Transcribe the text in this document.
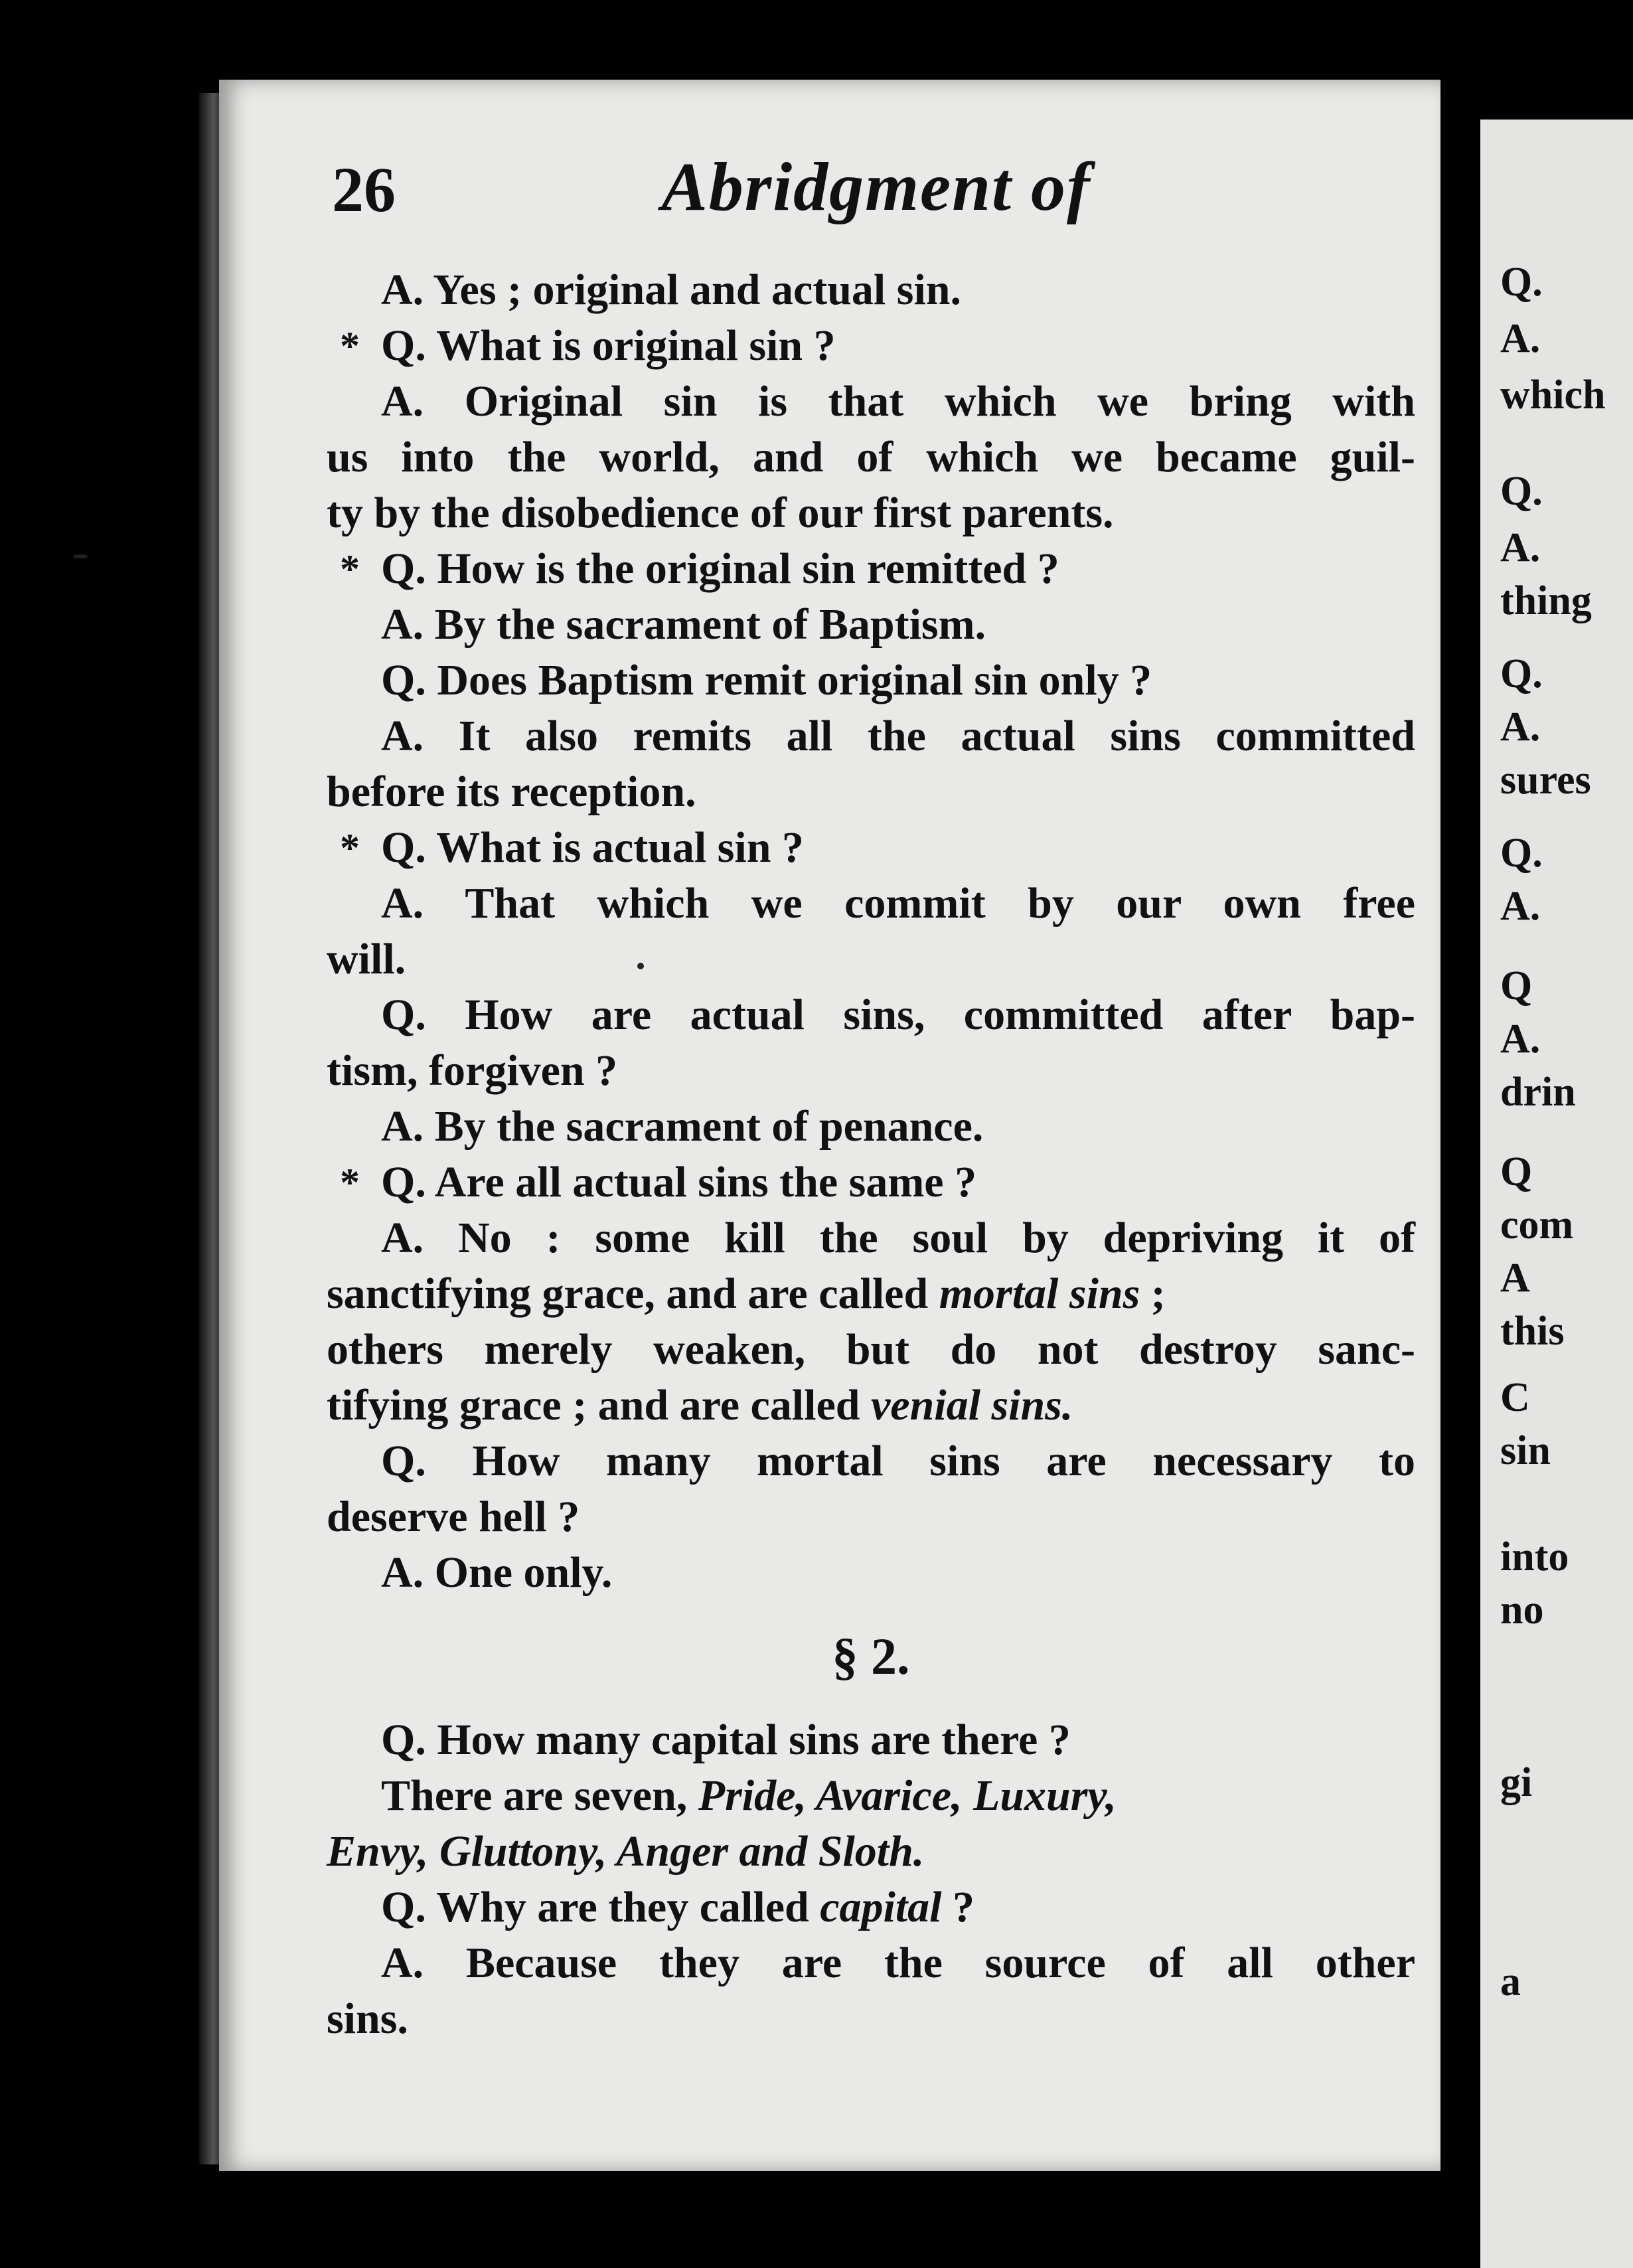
26	Abridgment of
A. Yes ; original and actual sin.
* Q. What is original sin ?
A. Original sin is that which we bring with
us into the world, and of which we became guil-
ty by the disobedience of our first parents.
* Q. How is the original sin remitted ?
A. By the sacrament of Baptism.
Q. Does Baptism remit original sin only ?
A. It also remits all the actual sins committed
before its reception.
* Q. What is actual sin ?
A. That which we commit by our own free
will.
Q. How are actual sins, committed after bap-
tism, forgiven ?
A. By the sacrament of penance.
* Q. Are all actual sins the same ?
A. No : some kill the soul by depriving it of
sanctifying grace, and are called mortal sins ;
others merely weaken, but do not destroy sanc-
tifying grace ; and are called venial sins.
Q. How many mortal sins are necessary to
deserve hell ?
A. One only.
§ 2.
Q. How many capital sins are there ?
There are seven, Pride, Avarice, Luxury,
Envy, Gluttony, Anger and Sloth.
Q. Why are they called capital ?
A. Because they are the source of all other
sins.
Q.
A.
which
Q.
A.
thing
Q.
A.
sures
Q.
A.
Q
A.
drin
Q
com
A
this
C
sin
into
no
gi
a
